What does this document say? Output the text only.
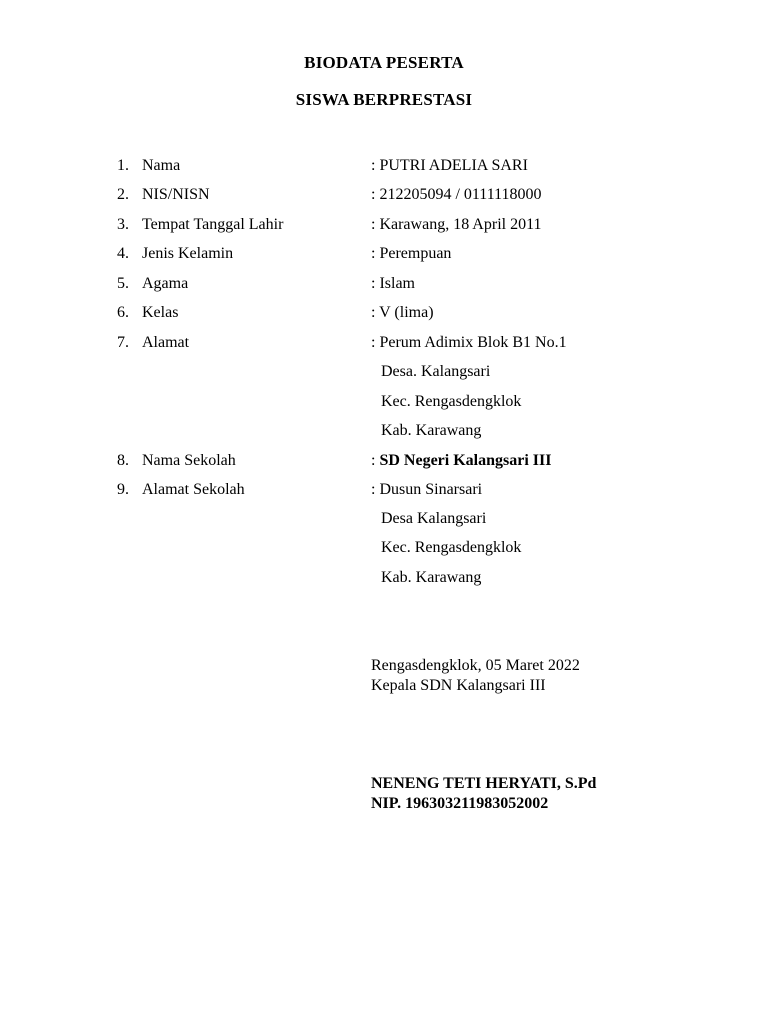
BIODATA PESERTA
SISWA BERPRESTASI
1. Nama	: PUTRI ADELIA SARI
2. NIS/NISN	: 212205094 / 0111118000
3. Tempat Tanggal Lahir	: Karawang, 18 April 2011
4. Jenis Kelamin	: Perempuan
5. Agama	: Islam
6. Kelas	: V (lima)
7. Alamat	: Perum Adimix Blok B1 No.1
Desa. Kalangsari
Kec. Rengasdengklok
Kab. Karawang
8. Nama Sekolah	: SD Negeri Kalangsari III
9. Alamat Sekolah	: Dusun Sinarsari
Desa Kalangsari
Kec. Rengasdengklok
Kab. Karawang
Rengasdengklok, 05 Maret 2022
Kepala SDN Kalangsari III
NENENG TETI HERYATI, S.Pd
NIP. 196303211983052002
